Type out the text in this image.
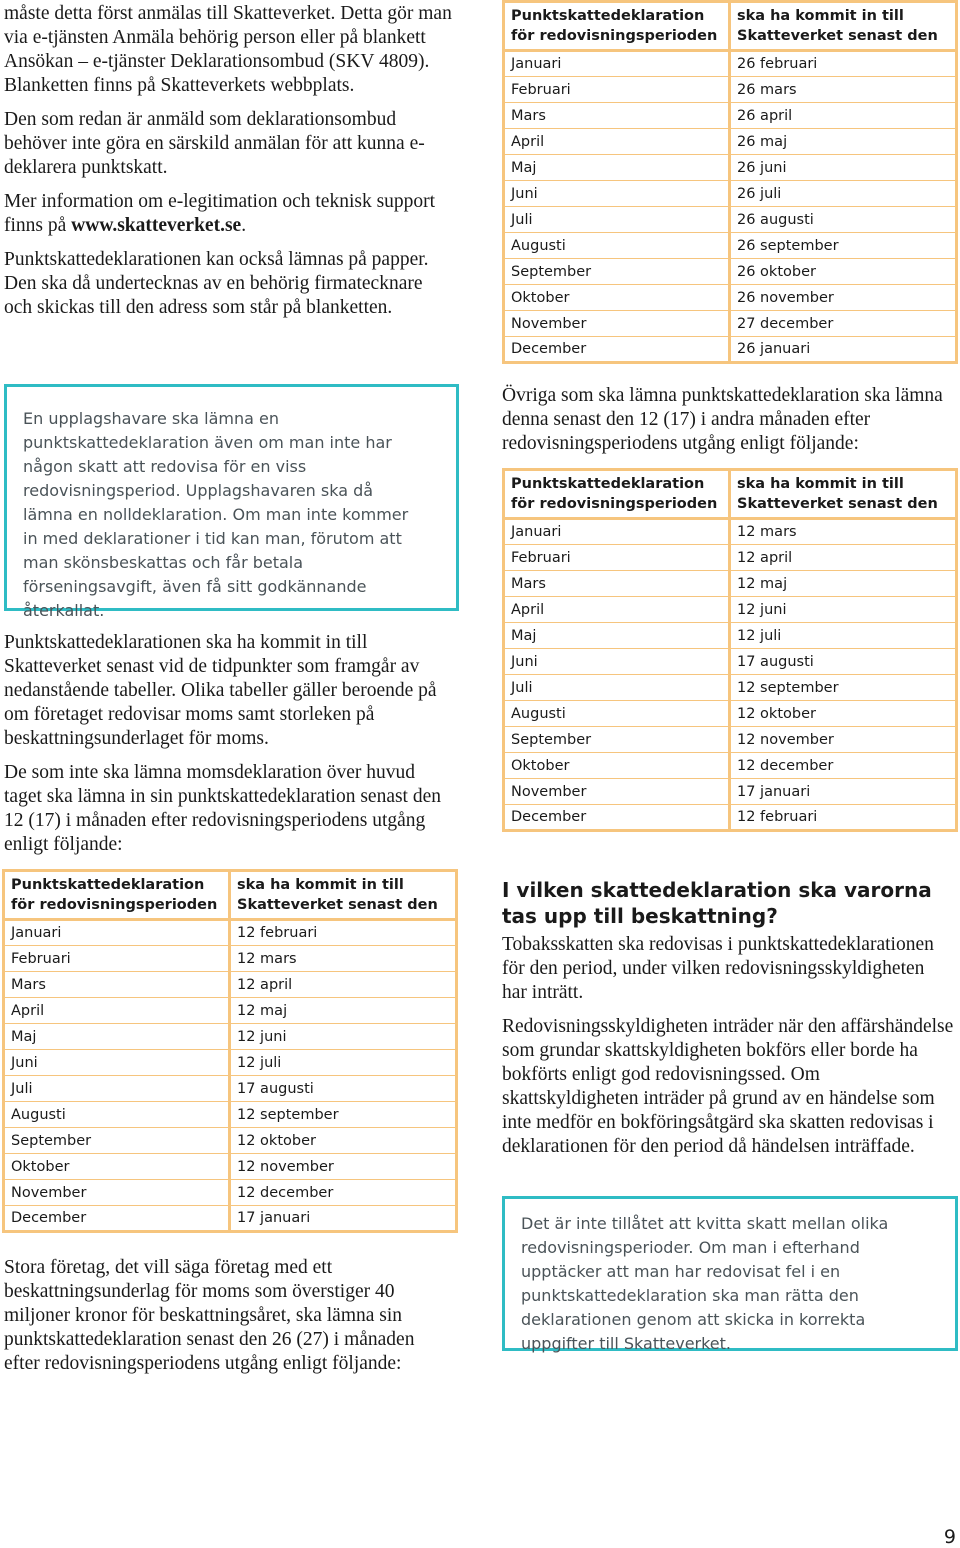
måste detta först anmälas till Skatteverket. Detta gör man via e-tjänsten Anmäla behörig person eller på blankett Ansökan – e-tjänster Deklarationsombud (SKV 4809). Blanketten finns på Skatteverkets webbplats.

Den som redan är anmäld som deklarationsombud behöver inte göra en särskild anmälan för att kunna e-deklarera punktskatt.

Mer information om e-legitimation och teknisk support finns på www.skatteverket.se.

Punktskattedeklarationen kan också lämnas på papper. Den ska då undertecknas av en behörig firmatecknare och skickas till den adress som står på blanketten.

En upplagshavare ska lämna en punktskattedeklaration även om man inte har någon skatt att redovisa för en viss redovisningsperiod. Upplagshavaren ska då lämna en nolldeklaration. Om man inte kommer in med deklarationer i tid kan man, förutom att man skönsbeskattas och får betala förseningsavgift, även få sitt godkännande återkallat.

Punktskattedeklarationen ska ha kommit in till Skatteverket senast vid de tidpunkter som framgår av nedanstående tabeller. Olika tabeller gäller beroende på om företaget redovisar moms samt storleken på beskattningsunderlaget för moms.

De som inte ska lämna momsdeklaration över huvud taget ska lämna in sin punktskattedeklaration senast den 12 (17) i månaden efter redovisningsperiodens utgång enligt följande:

Punktskattedeklaration för redovisningsperioden	ska ha kommit in till Skatteverket senast den
Januari	12 februari
Februari	12 mars
Mars	12 april
April	12 maj
Maj	12 juni
Juni	12 juli
Juli	17 augusti
Augusti	12 september
September	12 oktober
Oktober	12 november
November	12 december
December	17 januari

Stora företag, det vill säga företag med ett beskattningsunderlag för moms som överstiger 40 miljoner kronor för beskattningsåret, ska lämna sin punktskattedeklaration senast den 26 (27) i månaden efter redovisningsperiodens utgång enligt följande:

Punktskattedeklaration för redovisningsperioden	ska ha kommit in till Skatteverket senast den
Januari	26 februari
Februari	26 mars
Mars	26 april
April	26 maj
Maj	26 juni
Juni	26 juli
Juli	26 augusti
Augusti	26 september
September	26 oktober
Oktober	26 november
November	27 december
December	26 januari

Övriga som ska lämna punktskattedeklaration ska lämna denna senast den 12 (17) i andra månaden efter redovisningsperiodens utgång enligt följande:

Punktskattedeklaration för redovisningsperioden	ska ha kommit in till Skatteverket senast den
Januari	12 mars
Februari	12 april
Mars	12 maj
April	12 juni
Maj	12 juli
Juni	17 augusti
Juli	12 september
Augusti	12 oktober
September	12 november
Oktober	12 december
November	17 januari
December	12 februari
I vilken skattedeklaration ska varorna tas upp till beskattning?

Tobaksskatten ska redovisas i punktskattedeklarationen för den period, under vilken redovisningsskyldigheten har inträtt.

Redovisningsskyldigheten inträder när den affärshändelse som grundar skattskyldigheten bokförs eller borde ha bokförts enligt god redovisningssed. Om skattskyldigheten inträder på grund av en händelse som inte medför en bokföringsåtgärd ska skatten redovisas i deklarationen för den period då händelsen inträffade.

Det är inte tillåtet att kvitta skatt mellan olika redovisningsperioder. Om man i efterhand upptäcker att man har redovisat fel i en punktskattedeklaration ska man rätta den deklarationen genom att skicka in korrekta uppgifter till Skatteverket.

9
